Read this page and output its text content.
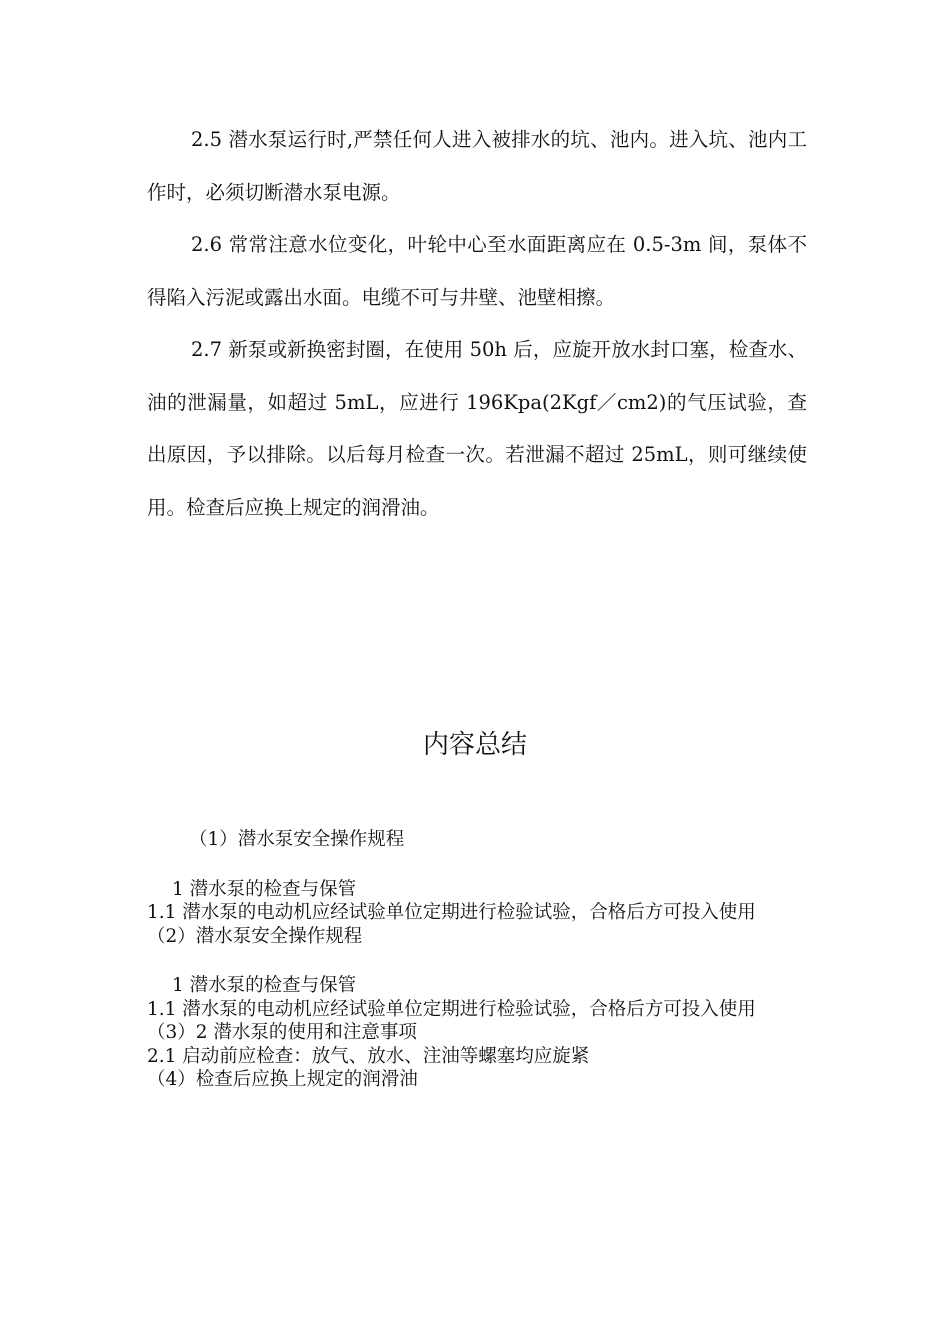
2.5 潜水泵运行时,严禁任何人进入被排水的坑、池内。进入坑、池内工作时，必须切断潜水泵电源。

2.6 常常注意水位变化，叶轮中心至水面距离应在 0.5-3m 间，泵体不得陷入污泥或露出水面。电缆不可与井壁、池壁相擦。

2.7 新泵或新换密封圈，在使用 50h 后，应旋开放水封口塞，检查水、油的泄漏量，如超过 5mL，应进行 196Kpa(2Kgf／cm2)的气压试验，查出原因，予以排除。以后每月检查一次。若泄漏不超过 25mL，则可继续使用。检查后应换上规定的润滑油。

内容总结

（1）潜水泵安全操作规程

1 潜水泵的检查与保管

1.1 潜水泵的电动机应经试验单位定期进行检验试验，合格后方可投入使用

（2）潜水泵安全操作规程

1 潜水泵的检查与保管

1.1 潜水泵的电动机应经试验单位定期进行检验试验，合格后方可投入使用

（3）2 潜水泵的使用和注意事项

2.1 启动前应检查：放气、放水、注油等螺塞均应旋紧

（4）检查后应换上规定的润滑油
